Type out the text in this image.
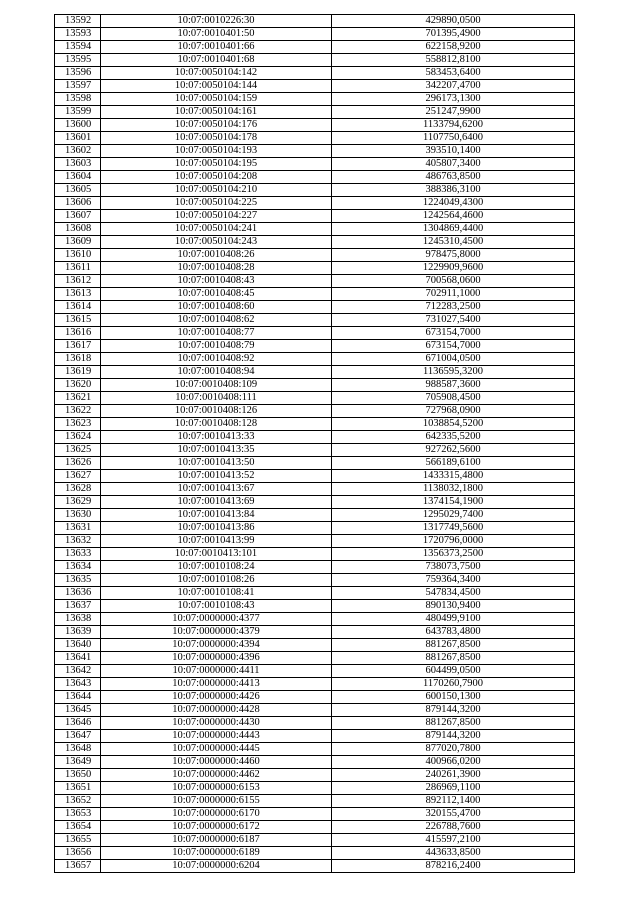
13592	10:07:0010226:30	429890,0500
13593	10:07:0010401:50	701395,4900
13594	10:07:0010401:66	622158,9200
13595	10:07:0010401:68	558812,8100
13596	10:07:0050104:142	583453,6400
13597	10:07:0050104:144	342207,4700
13598	10:07:0050104:159	296173,1300
13599	10:07:0050104:161	251247,9900
13600	10:07:0050104:176	1133794,6200
13601	10:07:0050104:178	1107750,6400
13602	10:07:0050104:193	393510,1400
13603	10:07:0050104:195	405807,3400
13604	10:07:0050104:208	486763,8500
13605	10:07:0050104:210	388386,3100
13606	10:07:0050104:225	1224049,4300
13607	10:07:0050104:227	1242564,4600
13608	10:07:0050104:241	1304869,4400
13609	10:07:0050104:243	1245310,4500
13610	10:07:0010408:26	978475,8000
13611	10:07:0010408:28	1229909,9600
13612	10:07:0010408:43	700568,0600
13613	10:07:0010408:45	702911,1000
13614	10:07:0010408:60	712283,2500
13615	10:07:0010408:62	731027,5400
13616	10:07:0010408:77	673154,7000
13617	10:07:0010408:79	673154,7000
13618	10:07:0010408:92	671004,0500
13619	10:07:0010408:94	1136595,3200
13620	10:07:0010408:109	988587,3600
13621	10:07:0010408:111	705908,4500
13622	10:07:0010408:126	727968,0900
13623	10:07:0010408:128	1038854,5200
13624	10:07:0010413:33	642335,5200
13625	10:07:0010413:35	927262,5600
13626	10:07:0010413:50	566189,6100
13627	10:07:0010413:52	1433315,4800
13628	10:07:0010413:67	1138032,1800
13629	10:07:0010413:69	1374154,1900
13630	10:07:0010413:84	1295029,7400
13631	10:07:0010413:86	1317749,5600
13632	10:07:0010413:99	1720796,0000
13633	10:07:0010413:101	1356373,2500
13634	10:07:0010108:24	738073,7500
13635	10:07:0010108:26	759364,3400
13636	10:07:0010108:41	547834,4500
13637	10:07:0010108:43	890130,9400
13638	10:07:0000000:4377	480499,9100
13639	10:07:0000000:4379	643783,4800
13640	10:07:0000000:4394	881267,8500
13641	10:07:0000000:4396	881267,8500
13642	10:07:0000000:4411	604499,0500
13643	10:07:0000000:4413	1170260,7900
13644	10:07:0000000:4426	600150,1300
13645	10:07:0000000:4428	879144,3200
13646	10:07:0000000:4430	881267,8500
13647	10:07:0000000:4443	879144,3200
13648	10:07:0000000:4445	877020,7800
13649	10:07:0000000:4460	400966,0200
13650	10:07:0000000:4462	240261,3900
13651	10:07:0000000:6153	286969,1100
13652	10:07:0000000:6155	892112,1400
13653	10:07:0000000:6170	320155,4700
13654	10:07:0000000:6172	226788,7600
13655	10:07:0000000:6187	415597,2100
13656	10:07:0000000:6189	443633,8500
13657	10:07:0000000:6204	878216,2400
